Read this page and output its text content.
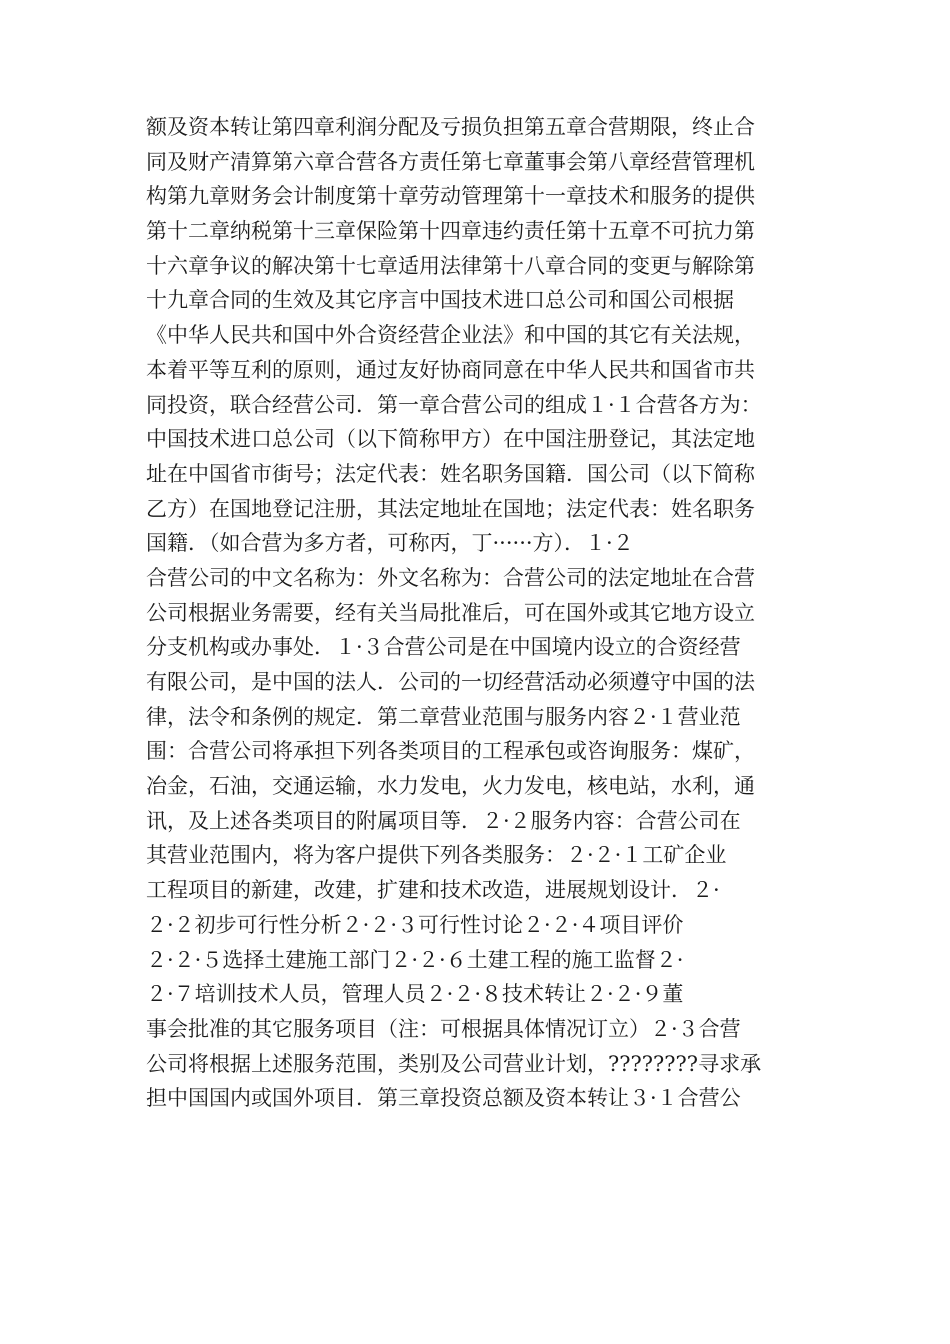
额及资本转让第四章利润分配及亏损负担第五章合营期限，终止合
同及财产清算第六章合营各方责任第七章董事会第八章经营管理机
构第九章财务会计制度第十章劳动管理第十一章技术和服务的提供
第十二章纳税第十三章保险第十四章违约责任第十五章不可抗力第
十六章争议的解决第十七章适用法律第十八章合同的变更与解除第
十九章合同的生效及其它序言中国技术进口总公司和国公司根据
《中华人民共和国中外合资经营企业法》和中国的其它有关法规，
本着平等互利的原则，通过友好协商同意在中华人民共和国省市共
同投资，联合经营公司．第一章合营公司的组成１·１合营各方为：
中国技术进口总公司（以下简称甲方）在中国注册登记，其法定地
址在中国省市街号；法定代表：姓名职务国籍．国公司（以下简称
乙方）在国地登记注册，其法定地址在国地；法定代表：姓名职务
国籍．（如合营为多方者，可称丙，丁······方）．１·２
合营公司的中文名称为：外文名称为：合营公司的法定地址在合营
公司根据业务需要，经有关当局批准后，可在国外或其它地方设立
分支机构或办事处．１·３合营公司是在中国境内设立的合资经营
有限公司，是中国的法人．公司的一切经营活动必须遵守中国的法
律，法令和条例的规定．第二章营业范围与服务内容２·１营业范
围：合营公司将承担下列各类项目的工程承包或咨询服务：煤矿，
冶金，石油，交通运输，水力发电，火力发电，核电站，水利，通
讯，及上述各类项目的附属项目等．２·２服务内容：合营公司在
其营业范围内，将为客户提供下列各类服务：２·２·１工矿企业
工程项目的新建，改建，扩建和技术改造，进展规划设计．２·
２·２初步可行性分析２·２·３可行性讨论２·２·４项目评价
２·２·５选择土建施工部门２·２·６土建工程的施工监督２·
２·７培训技术人员，管理人员２·２·８技术转让２·２·９董
事会批准的其它服务项目（注：可根据具体情况订立）２·３合营
公司将根据上述服务范围，类别及公司营业计划，????????寻求承
担中国国内或国外项目．第三章投资总额及资本转让３·１合营公
